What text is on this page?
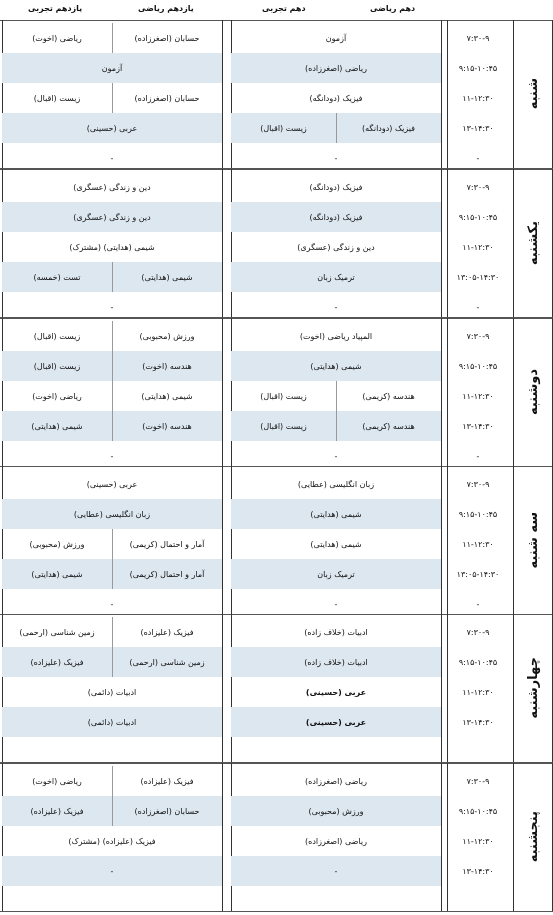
دهم ریاضی
دهم تجربی
یازدهم ریاضی
یازدهم تجربی
شنبه
۷:۳۰-۹
آزمون
حسابان (اصغرزاده)
ریاضی (اخوت)
۹:۱۵-۱۰:۴۵
ریاضی (اصغرزاده)
آزمون
۱۱-۱۲:۳۰
فیزیک (دودانگه)
حسابان (اصغرزاده)
زیست (اقبال)
۱۳-۱۴:۳۰
فیزیک (دودانگه)
زیست (اقبال)
عربی (حسینی)
-
-
-
یکشنبه
۷:۳۰-۹
فیزیک (دودانگه)
دین و زندگی (عسگری)
۹:۱۵-۱۰:۴۵
فیزیک (دودانگه)
دین و زندگی (عسگری)
۱۱-۱۲:۳۰
دین و زندگی (عسگری)
شیمی (هدایتی) (مشترک)
۱۳:۰۵-۱۴:۳۰
ترمیک زبان
شیمی (هدایتی)
تست (خمسه)
-
-
-
دوشنبه
۷:۳۰-۹
المپیاد ریاضی (اخوت)
ورزش (محبوبی)
زیست (اقبال)
۹:۱۵-۱۰:۴۵
شیمی (هدایتی)
هندسه (اخوت)
زیست (اقبال)
۱۱-۱۲:۳۰
هندسه (کریمی)
زیست (اقبال)
شیمی (هدایتی)
ریاضی (اخوت)
۱۳-۱۴:۳۰
هندسه (کریمی)
زیست (اقبال)
هندسه (اخوت)
شیمی (هدایتی)
-
-
-
سه شنبه
۷:۳۰-۹
زبان انگلیسی (عطایی)
عربی (حسینی)
۹:۱۵-۱۰:۴۵
شیمی (هدایتی)
زبان انگلیسی (عطایی)
۱۱-۱۲:۳۰
شیمی (هدایتی)
آمار و احتمال (کریمی)
ورزش (محبوبی)
۱۳:۰۵-۱۴:۳۰
ترمیک زبان
آمار و احتمال (کریمی)
شیمی (هدایتی)
-
-
-
چهارشنبه
۷:۳۰-۹
ادبیات (خلاف زاده)
فیزیک (علیزاده)
زمین شناسی (ارحمی)
۹:۱۵-۱۰:۴۵
ادبیات (خلاف زاده)
زمین شناسی (ارحمی)
فیزیک (علیزاده)
۱۱-۱۲:۳۰
عربی (حسینی)
ادبیات (دائمی)
۱۳-۱۴:۳۰
عربی (حسینی)
ادبیات (دائمی)
پنجشنبه
۷:۳۰-۹
ریاضی (اصغرزاده)
فیزیک (علیزاده)
ریاضی (اخوت)
۹:۱۵-۱۰:۴۵
ورزش (محبوبی)
حسابان (اصغرزاده)
فیزیک (علیزاده)
۱۱-۱۲:۳۰
ریاضی (اصغرزاده)
فیزیک (علیزاده) (مشترک)
۱۳-۱۴:۳۰
-
-
